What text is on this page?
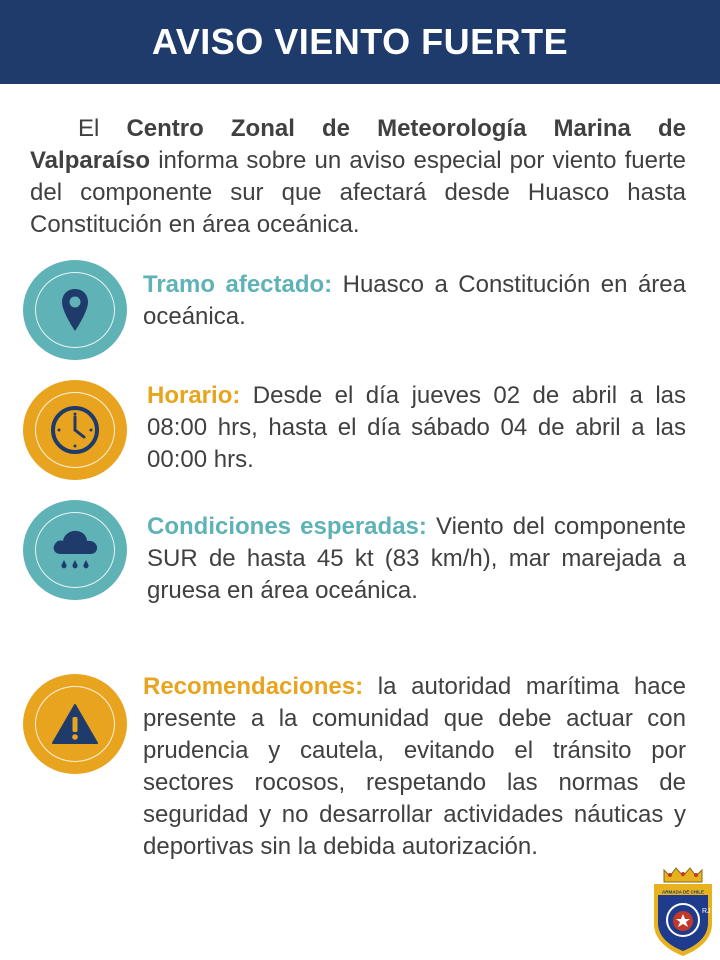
AVISO VIENTO FUERTE

El Centro Zonal de Meteorología Marina de Valparaíso informa sobre un aviso especial por viento fuerte del componente sur que afectará desde Huasco hasta Constitución en área oceánica.

Tramo afectado: Huasco a Constitución en área oceánica.

Horario: Desde el día jueves 02 de abril a las 08:00 hrs, hasta el día sábado 04 de abril a las 00:00 hrs.

Condiciones esperadas: Viento del componente SUR de hasta 45 kt (83 km/h), mar marejada a gruesa en área oceánica.

Recomendaciones: la autoridad marítima hace presente a la comunidad que debe actuar con prudencia y cautela, evitando el tránsito por sectores rocosos, respetando las normas de seguridad y no desarrollar actividades náuticas y deportivas sin la debida autorización.

ARMADA DE CHILE
RJ
